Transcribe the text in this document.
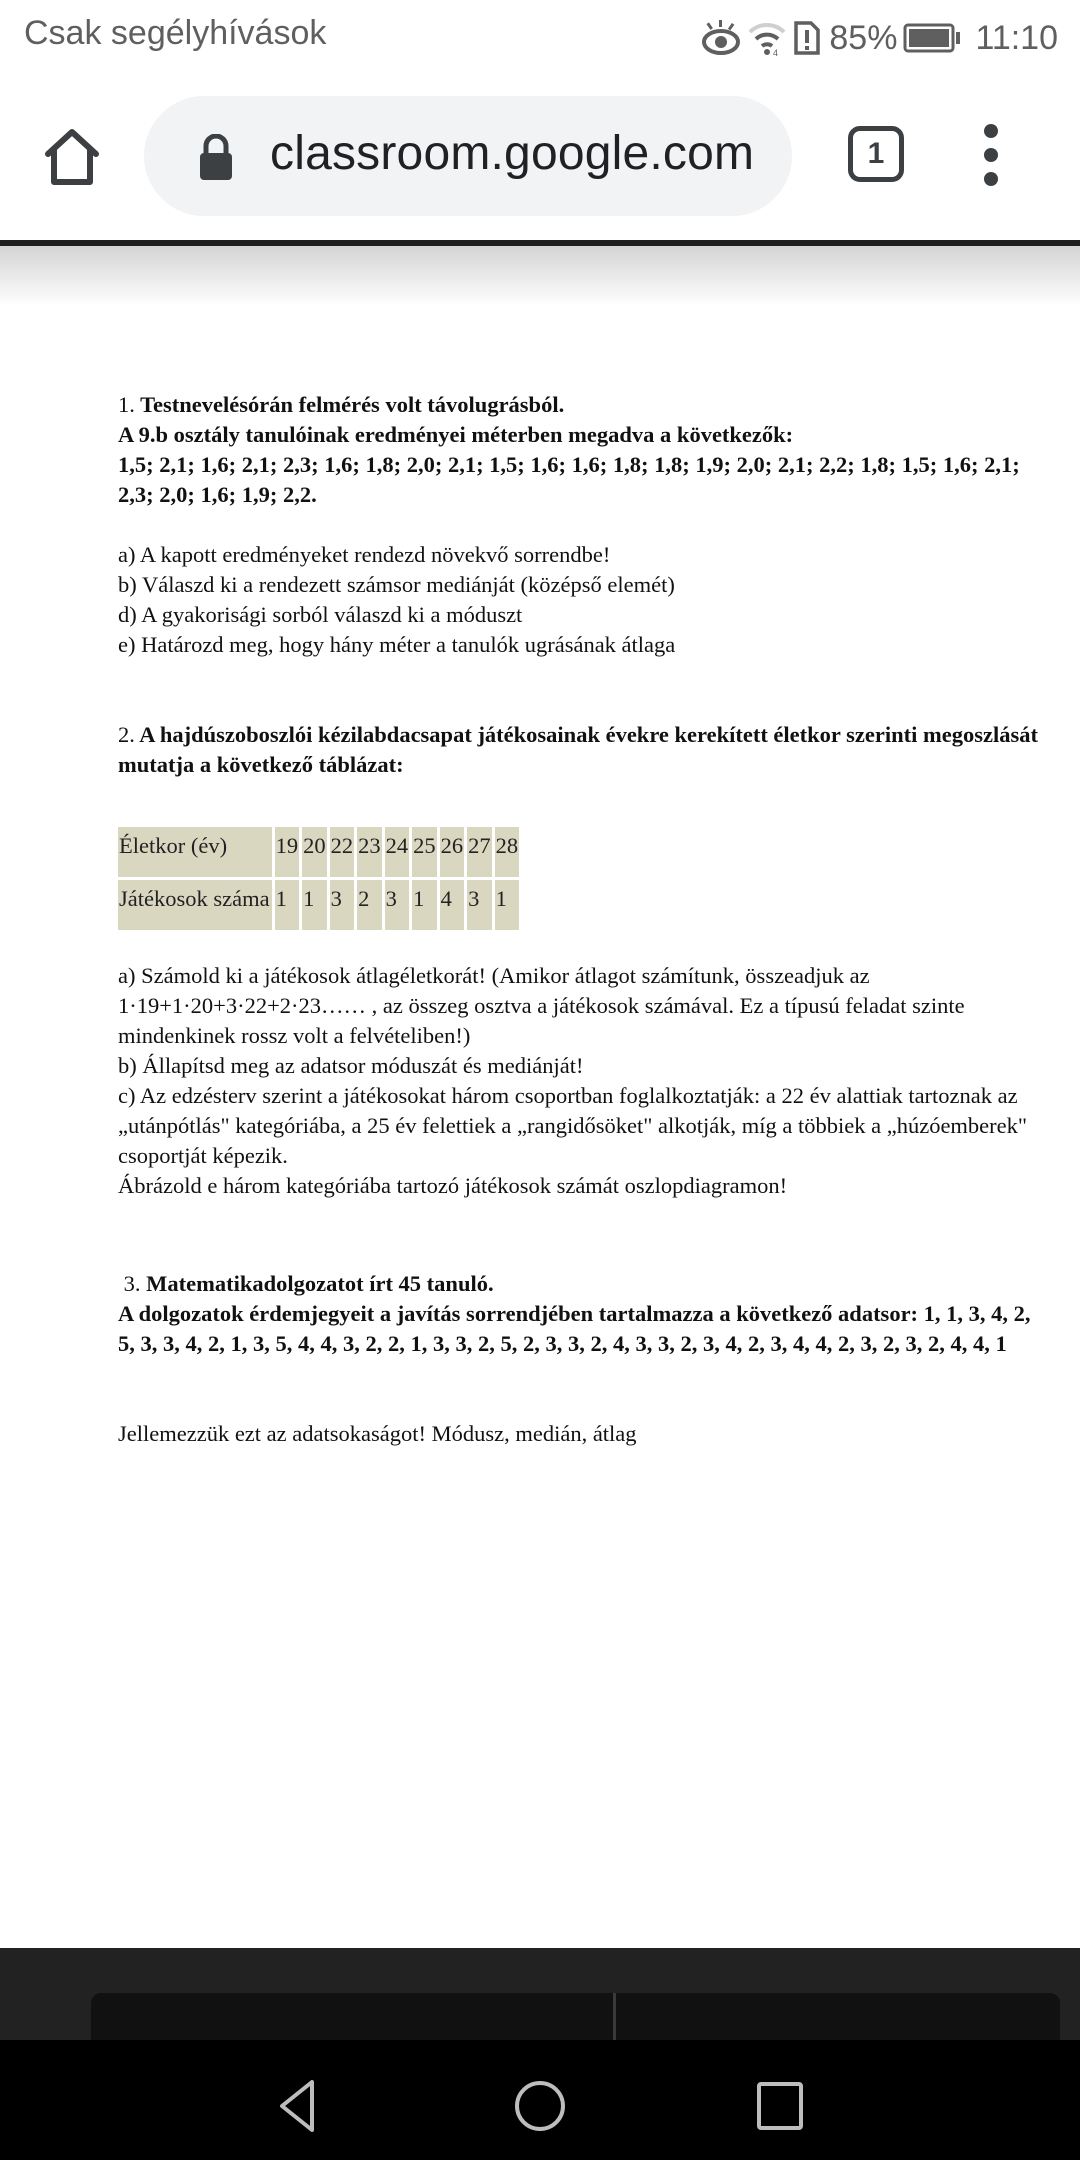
Csak segélyhívások
4 85% 11:10
classroom.google.com	1

1. Testnevelésórán felmérés volt távolugrásból.

A 9.b osztály tanulóinak eredményei méterben megadva a következők:

1,5; 2,1; 1,6; 2,1; 2,3; 1,6; 1,8; 2,0; 2,1; 1,5; 1,6; 1,6; 1,8; 1,8; 1,9; 2,0; 2,1; 2,2; 1,8; 1,5; 1,6; 2,1; 2,3; 2,0; 1,6; 1,9; 2,2.

a) A kapott eredményeket rendezd növekvő sorrendbe!

b) Válaszd ki a rendezett számsor mediánját (középső elemét)

d) A gyakorisági sorból válaszd ki a móduszt

e) Határozd meg, hogy hány méter a tanulók ugrásának átlaga

2. A hajdúszoboszlói kézilabdacsapat játékosainak évekre kerekített életkor szerinti megoszlását mutatja a következő táblázat:

Életkor (év)	19	20	22	23	24	25	26	27	28
Játékosok száma	1	1	3	2	3	1	4	3	1

a) Számold ki a játékosok átlagéletkorát! (Amikor átlagot számítunk, összeadjuk az 1·19+1·20+3·22+2·23…… , az összeg osztva a játékosok számával. Ez a típusú feladat szinte mindenkinek rossz volt a felvételiben!)

b) Állapítsd meg az adatsor móduszát és mediánját!

c) Az edzésterv szerint a játékosokat három csoportban foglalkoztatják: a 22 év alattiak tartoznak az „utánpótlás" kategóriába, a 25 év felettiek a „rangidősöket" alkotják, míg a többiek a „húzóemberek" csoportját képezik.

Ábrázold e három kategóriába tartozó játékosok számát oszlopdiagramon!

3. Matematikadolgozatot írt 45 tanuló.

A dolgozatok érdemjegyeit a javítás sorrendjében tartalmazza a következő adatsor: 1, 1, 3, 4, 2, 5, 3, 3, 4, 2, 1, 3, 5, 4, 4, 3, 2, 2, 1, 3, 3, 2, 5, 2, 3, 3, 2, 4, 3, 3, 2, 3, 4, 2, 3, 4, 4, 2, 3, 2, 3, 2, 4, 4, 1

Jellemezzük ezt az adatsokaságot! Módusz, medián, átlag
